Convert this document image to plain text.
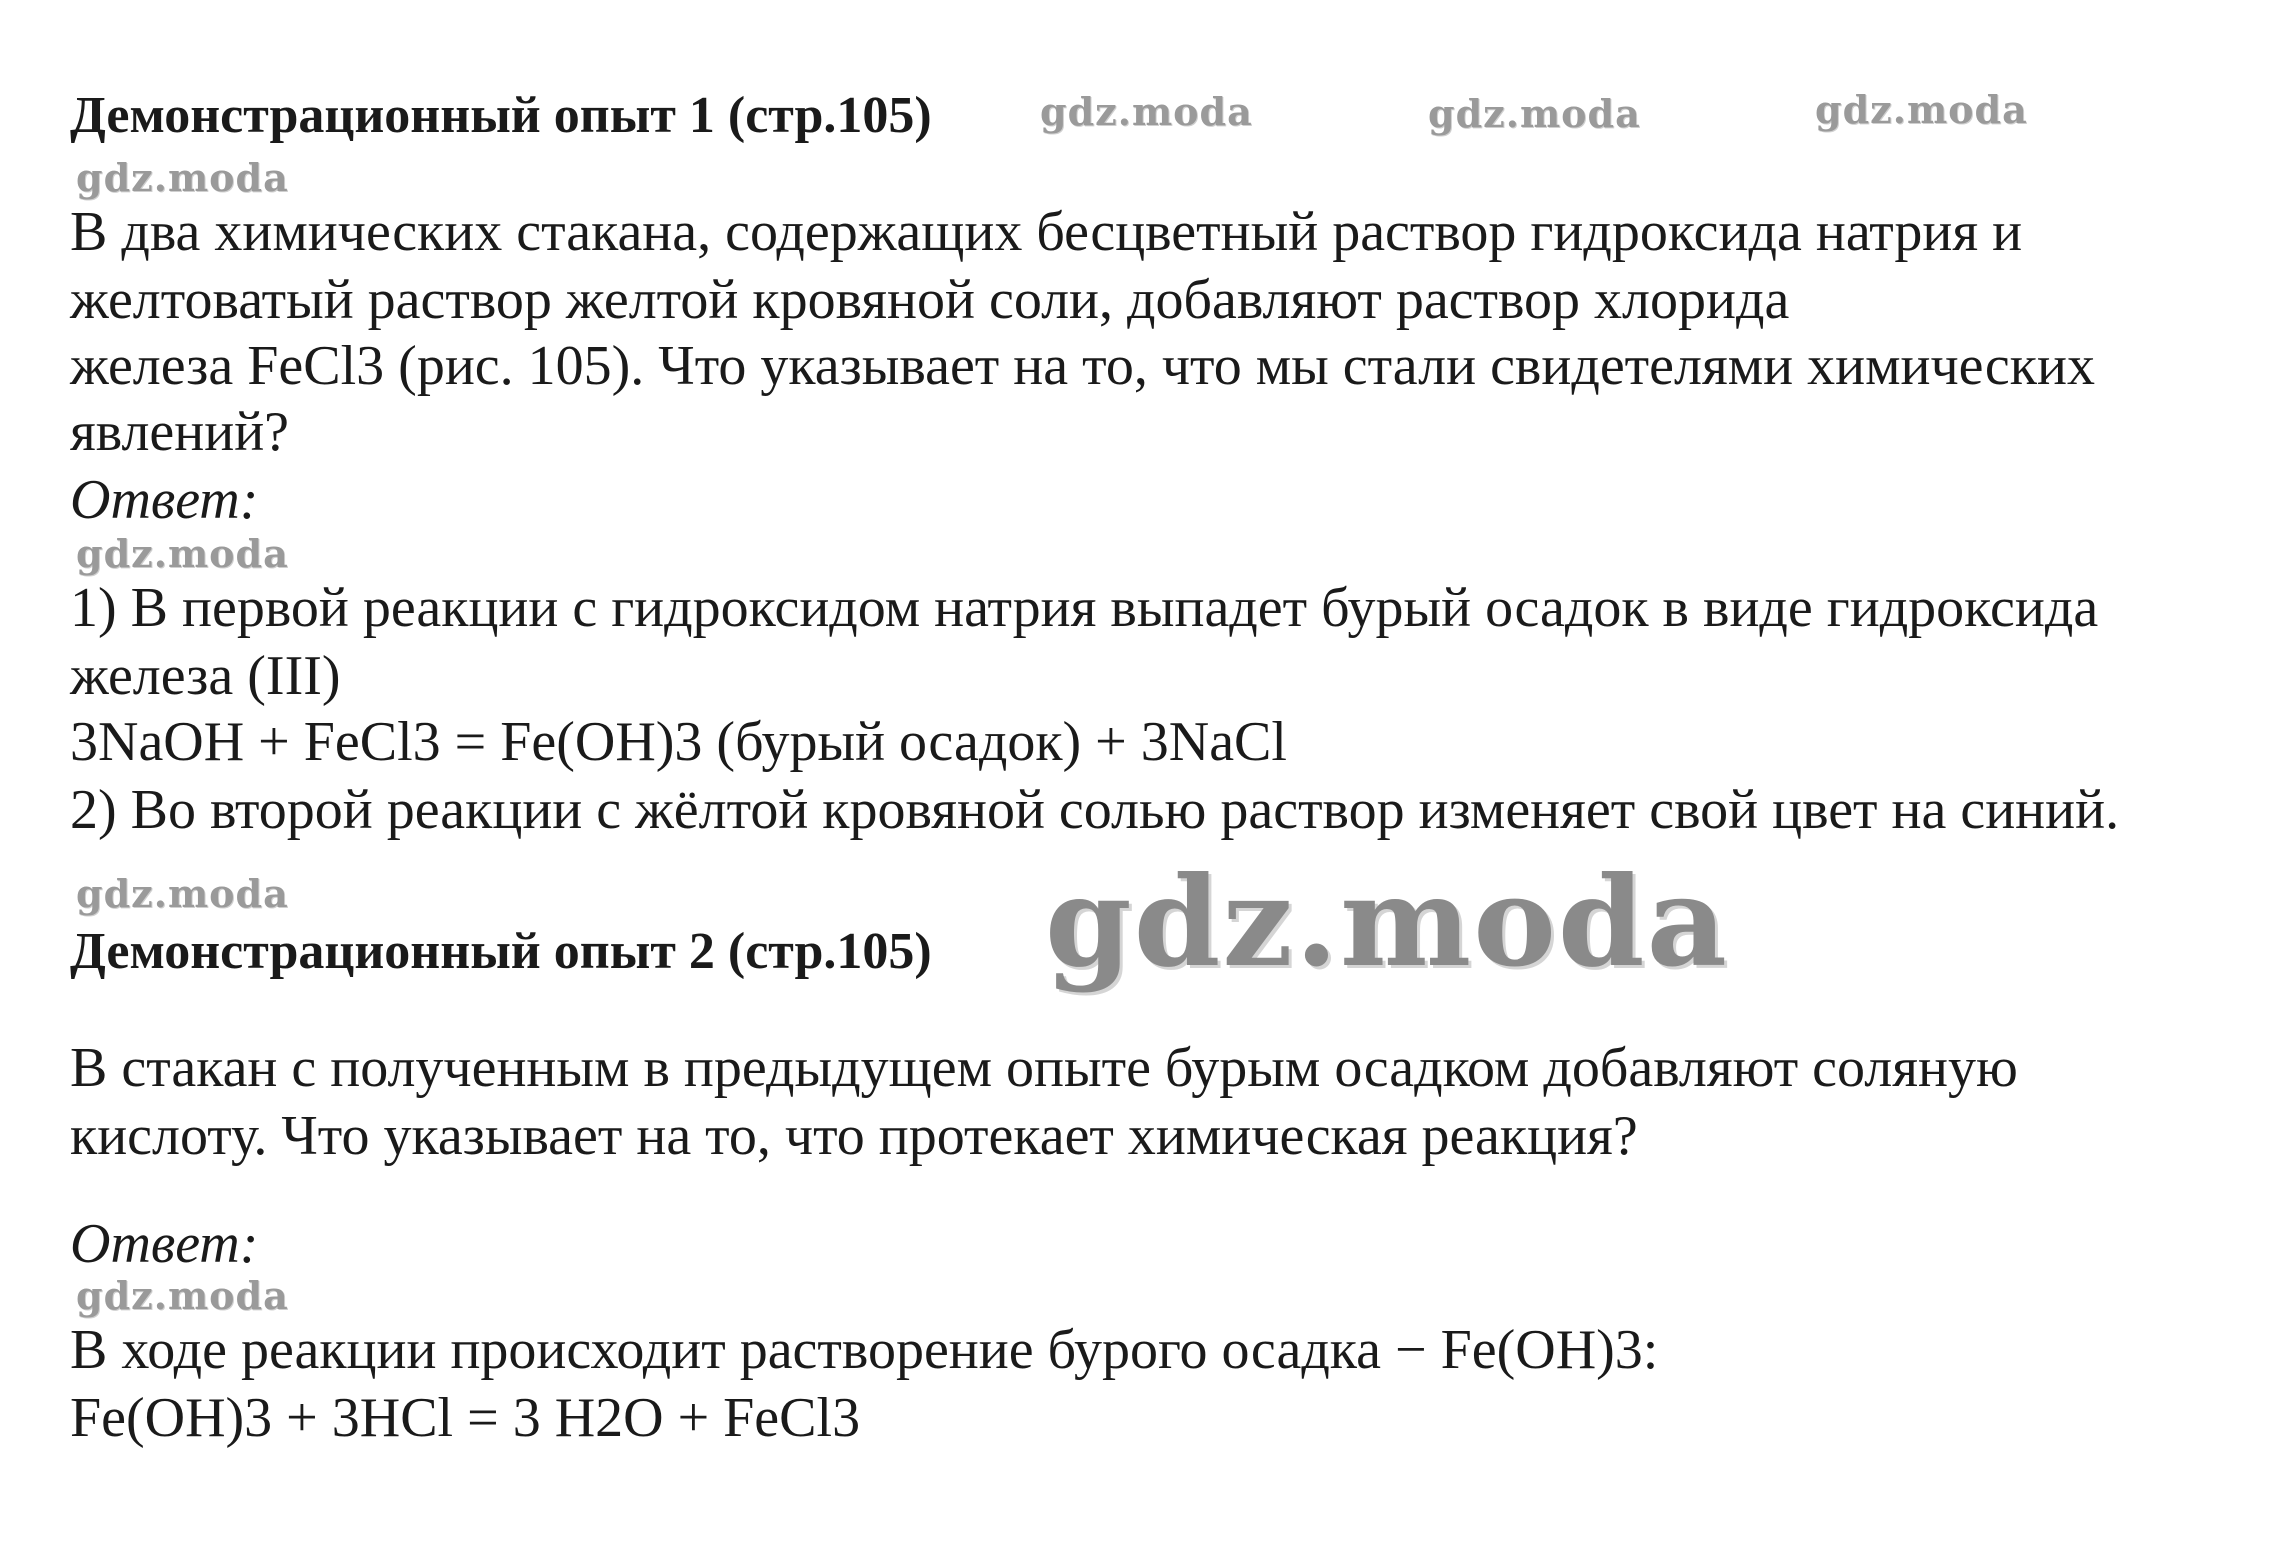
gdz.moda	gdz.moda	gdz.moda
gdz.moda
gdz.moda
gdz.moda	gdz.moda
gdz.moda
Демонстрационный опыт 1 (стр.105)
В два химических стакана, содержащих бесцветный раствор гидроксида натрия и
желтоватый раствор желтой кровяной соли, добавляют раствор хлорида
железа FeCl3 (рис. 105). Что указывает на то, что мы стали свидетелями химических
явлений?
Ответ:
1) В первой реакции с гидроксидом натрия выпадет бурый осадок в виде гидроксида
железа (III)
3NaOH + FeCl3 = Fe(OH)3 (бурый осадок) + 3NaCl
2) Во второй реакции с жёлтой кровяной солью раствор изменяет свой цвет на синий.
Демонстрационный опыт 2 (стр.105)
В стакан с полученным в предыдущем опыте бурым осадком добавляют соляную
кислоту. Что указывает на то, что протекает химическая реакция?
Ответ:
В ходе реакции происходит растворение бурого осадка − Fe(OH)3:
Fe(OH)3 + 3HCl = 3 H2O + FeCl3
